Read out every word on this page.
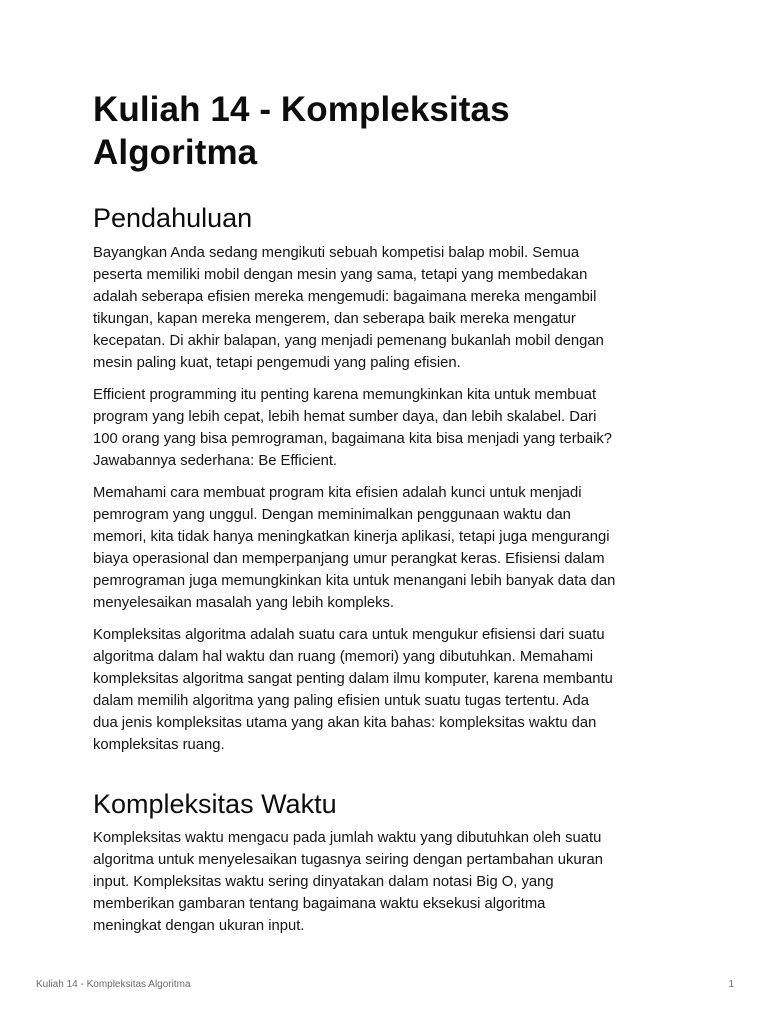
Kuliah 14 - Kompleksitas
Algoritma
Pendahuluan

Bayangkan Anda sedang mengikuti sebuah kompetisi balap mobil. Semua
peserta memiliki mobil dengan mesin yang sama, tetapi yang membedakan
adalah seberapa efisien mereka mengemudi: bagaimana mereka mengambil
tikungan, kapan mereka mengerem, dan seberapa baik mereka mengatur
kecepatan. Di akhir balapan, yang menjadi pemenang bukanlah mobil dengan
mesin paling kuat, tetapi pengemudi yang paling efisien.

Efficient programming itu penting karena memungkinkan kita untuk membuat
program yang lebih cepat, lebih hemat sumber daya, dan lebih skalabel. Dari
100 orang yang bisa pemrograman, bagaimana kita bisa menjadi yang terbaik?
Jawabannya sederhana: Be Efficient.

Memahami cara membuat program kita efisien adalah kunci untuk menjadi
pemrogram yang unggul. Dengan meminimalkan penggunaan waktu dan
memori, kita tidak hanya meningkatkan kinerja aplikasi, tetapi juga mengurangi
biaya operasional dan memperpanjang umur perangkat keras. Efisiensi dalam
pemrograman juga memungkinkan kita untuk menangani lebih banyak data dan
menyelesaikan masalah yang lebih kompleks.

Kompleksitas algoritma adalah suatu cara untuk mengukur efisiensi dari suatu
algoritma dalam hal waktu dan ruang (memori) yang dibutuhkan. Memahami
kompleksitas algoritma sangat penting dalam ilmu komputer, karena membantu
dalam memilih algoritma yang paling efisien untuk suatu tugas tertentu. Ada
dua jenis kompleksitas utama yang akan kita bahas: kompleksitas waktu dan
kompleksitas ruang.

Kompleksitas Waktu

Kompleksitas waktu mengacu pada jumlah waktu yang dibutuhkan oleh suatu
algoritma untuk menyelesaikan tugasnya seiring dengan pertambahan ukuran
input. Kompleksitas waktu sering dinyatakan dalam notasi Big O, yang
memberikan gambaran tentang bagaimana waktu eksekusi algoritma
meningkat dengan ukuran input.

Kuliah 14 - Kompleksitas Algoritma	1
